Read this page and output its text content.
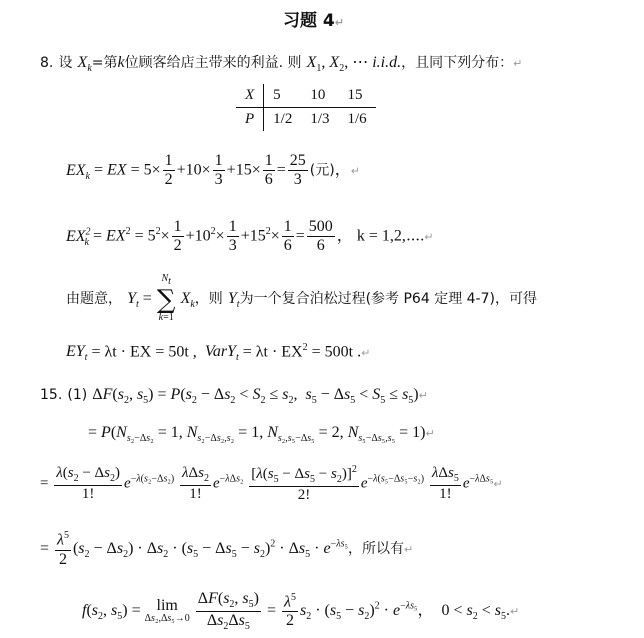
习题 4↵
8. 设 $X_k=$第k位顾客给店主带来的利益. 则 $X_1$, $X_2$, ⋯ i.i.d.，且同下列分布：↵
X	5	10	15
P	1/2	1/3	1/6
$EX_k$ = EX = $5\times \frac{1}{2} +10\times \frac{1}{3} +15\times \frac{1}{6} = \frac{25}{3}$ (元)，↵
$EX^2_k = EX^2 = 5^2\times \frac{1}{2} +10^2\times \frac{1}{3} +15^2\times \frac{1}{6} = \frac{500}{6}$ ， k = 1,2,⋯.↵
由题意， $Y_t$ =
$N_t$
∑
k=1
$X_k$，则 $Y_t$为一个复合泊松过程(参考 P64 定理 4-7)，可得
$EY_t = \lambda t$ · EX = 50t , VarY$_t$ = $\lambda t \cdot EX^2 = 500t$ .↵
15. (1) $\Delta F(s_2$, $s_5) = P(s_2 - \Delta s_2 < S_2 \le s_2$,  $s_5 - \Delta s_5 < S_5$ ≤ $s_5)↵$
= $P(N_{s_2-\Delta s_2} = 1$, $N_{s_2-\Delta s_2,s_2} = 1$, $N_{s_2,s_5-\Delta s_5} = 2$, $N_{s_5-\Delta s_5,s_5}$ = 1)↵
= $\frac{\lambda(s_2 - \Delta s_2)}{1!} e^{-\lambda(s_2-\Delta s_2)} \frac{\lambda\Delta s_2}{1!} e^{-\lambda\Delta s_2} \frac{[\lambda(s_5 - \Delta s_5 - s_2)]^2}{2!} e^{-\lambda(s_5-\Delta s_5-s_2)} \frac{\lambda\Delta s_5}{1!}$ $e^{-\lambda\Delta s_5}↵$
= $\frac{\lambda^5}{2} (s_2 - \Delta s_2) \cdot \Delta s_2 \cdot (s_5 - \Delta s_5 - s_2)^2 \cdot \Delta s_5 \cdot e^{-\lambda s_5}$，所以有↵
$f(s_2$, $s_5) = \lim$
Δs₂,Δs₅→0
$\frac{\Delta F(s_2, s_5)}{\Delta s_2\Delta s_5} = \frac{\lambda^5}{2} s_2 \cdot (s_5 - s_2)^2 \cdot e^{-\lambda s_5}$，  $0 < s_2$ < $s_5.↵$
